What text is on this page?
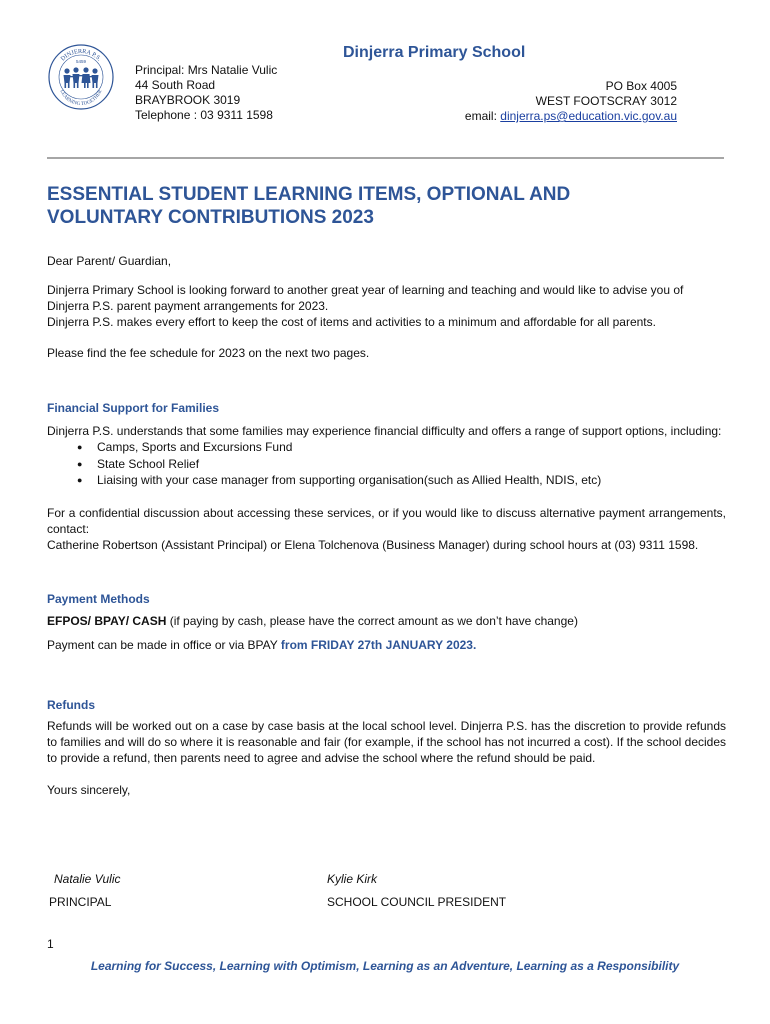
Dinjerra Primary School
DINJERRA P.S.
5459
LEARNING TOGETHER
Principal: Mrs Natalie Vulic
44 South Road
BRAYBROOK 3019
Telephone : 03 9311 1598
PO Box 4005
WEST FOOTSCRAY 3012
email: dinjerra.ps@education.vic.gov.au
ESSENTIAL STUDENT LEARNING ITEMS, OPTIONAL AND VOLUNTARY CONTRIBUTIONS 2023
Dear Parent/ Guardian,
Dinjerra Primary School is looking forward to another great year of learning and teaching and would like to advise you of Dinjerra P.S. parent payment arrangements for 2023.
Dinjerra P.S. makes every effort to keep the cost of items and activities to a minimum and affordable for all parents.
Please find the fee schedule for 2023 on the next two pages.
Financial Support for Families
Dinjerra P.S. understands that some families may experience financial difficulty and offers a range of support options, including:
● Camps, Sports and Excursions Fund
● State School Relief
● Liaising with your case manager from supporting organisation(such as Allied Health, NDIS, etc)
For a confidential discussion about accessing these services, or if you would like to discuss alternative payment arrangements, contact:
Catherine Robertson (Assistant Principal) or Elena Tolchenova (Business Manager) during school hours at (03) 9311 1598.
Payment Methods
EFPOS/ BPAY/ CASH (if paying by cash, please have the correct amount as we don’t have change)
Payment can be made in office or via BPAY from FRIDAY 27th JANUARY 2023.
Refunds
Refunds will be worked out on a case by case basis at the local school level. Dinjerra P.S. has the discretion to provide refunds to families and will do so where it is reasonable and fair (for example, if the school has not incurred a cost). If the school decides to provide a refund, then parents need to agree and advise the school where the refund should be paid.
Yours sincerely,
Natalie Vulic
PRINCIPAL
Kylie Kirk
SCHOOL COUNCIL PRESIDENT
1
Learning for Success, Learning with Optimism, Learning as an Adventure, Learning as a Responsibility
